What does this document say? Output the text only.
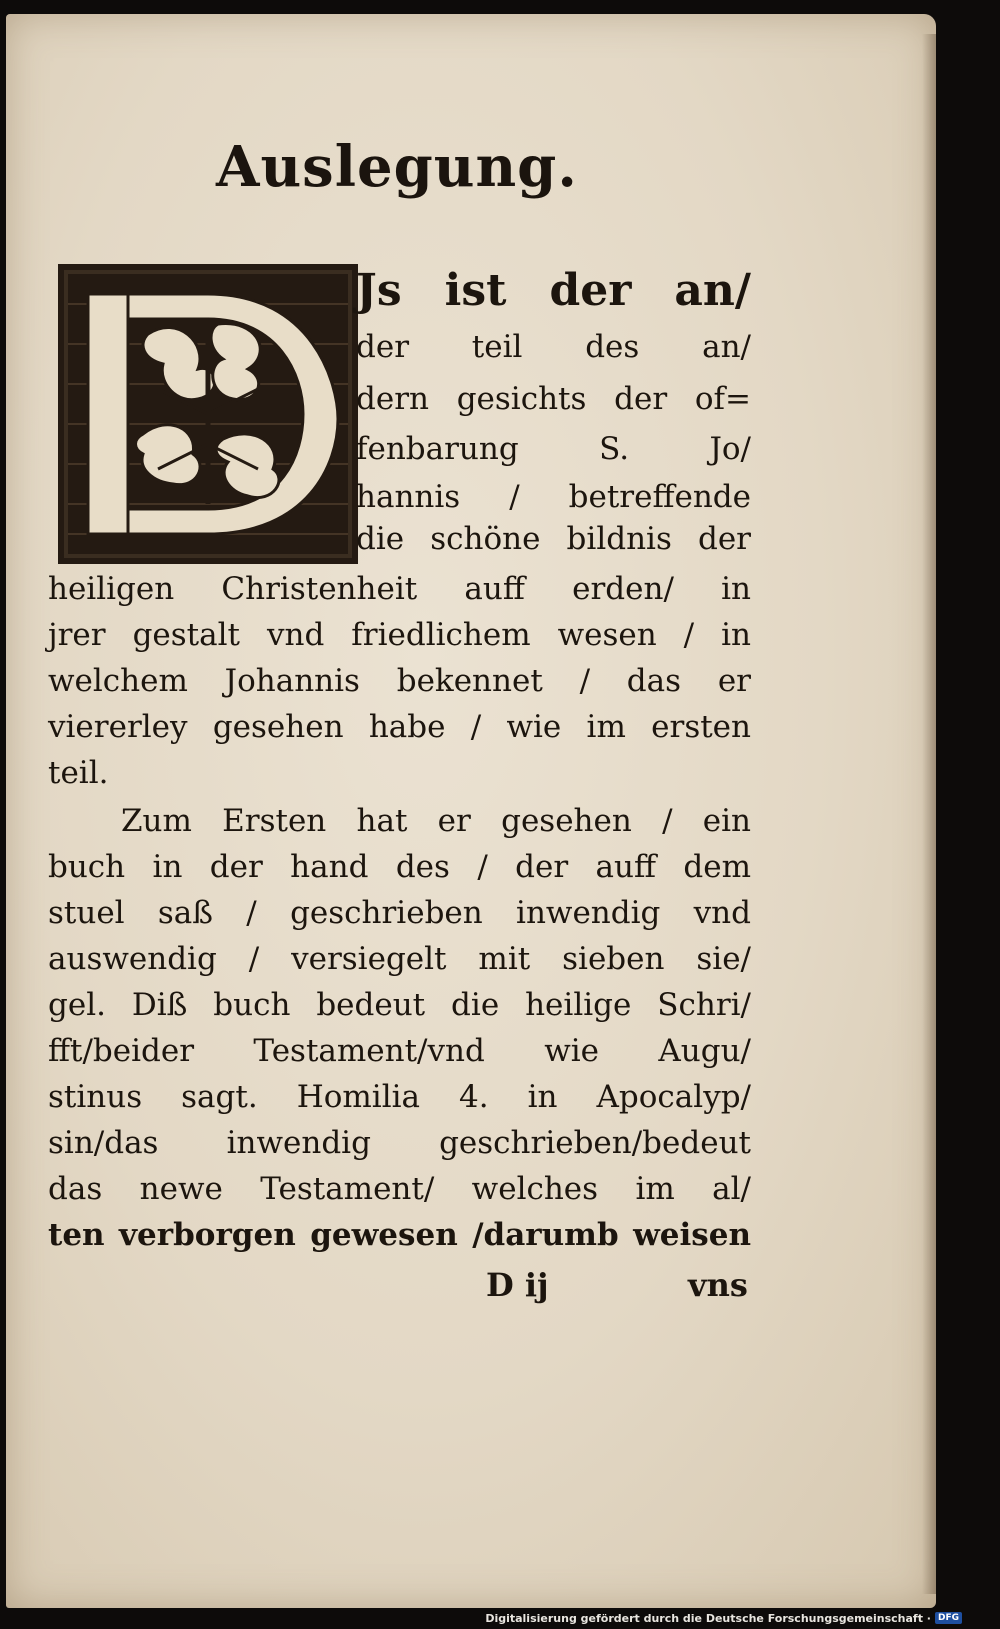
Auslegung.
Js ist der an/
der teil des an/
dern gesichts der of=
fenbarung S. Jo/
hannis / betreffende
die schöne bildnis der
heiligen Christenheit auff erden/ in
jrer gestalt vnd friedlichem wesen / in
welchem Johannis bekennet / das er
viererley gesehen habe / wie im ersten
teil.
Zum Ersten hat er gesehen / ein
buch in der hand des / der auff dem
stuel saß / geschrieben inwendig vnd
auswendig / versiegelt mit sieben sie/
gel. Diß buch bedeut die heilige Schri/
fft/beider Testament/vnd wie Augu/
stinus sagt. Homilia 4. in Apocalyp/
sin/das inwendig geschrieben/bedeut
das newe Testament/ welches im al/
ten verborgen gewesen /darumb weisen
D ij	vns
Digitalisierung gefördert durch die Deutsche Forschungsgemeinschaft · DFG
